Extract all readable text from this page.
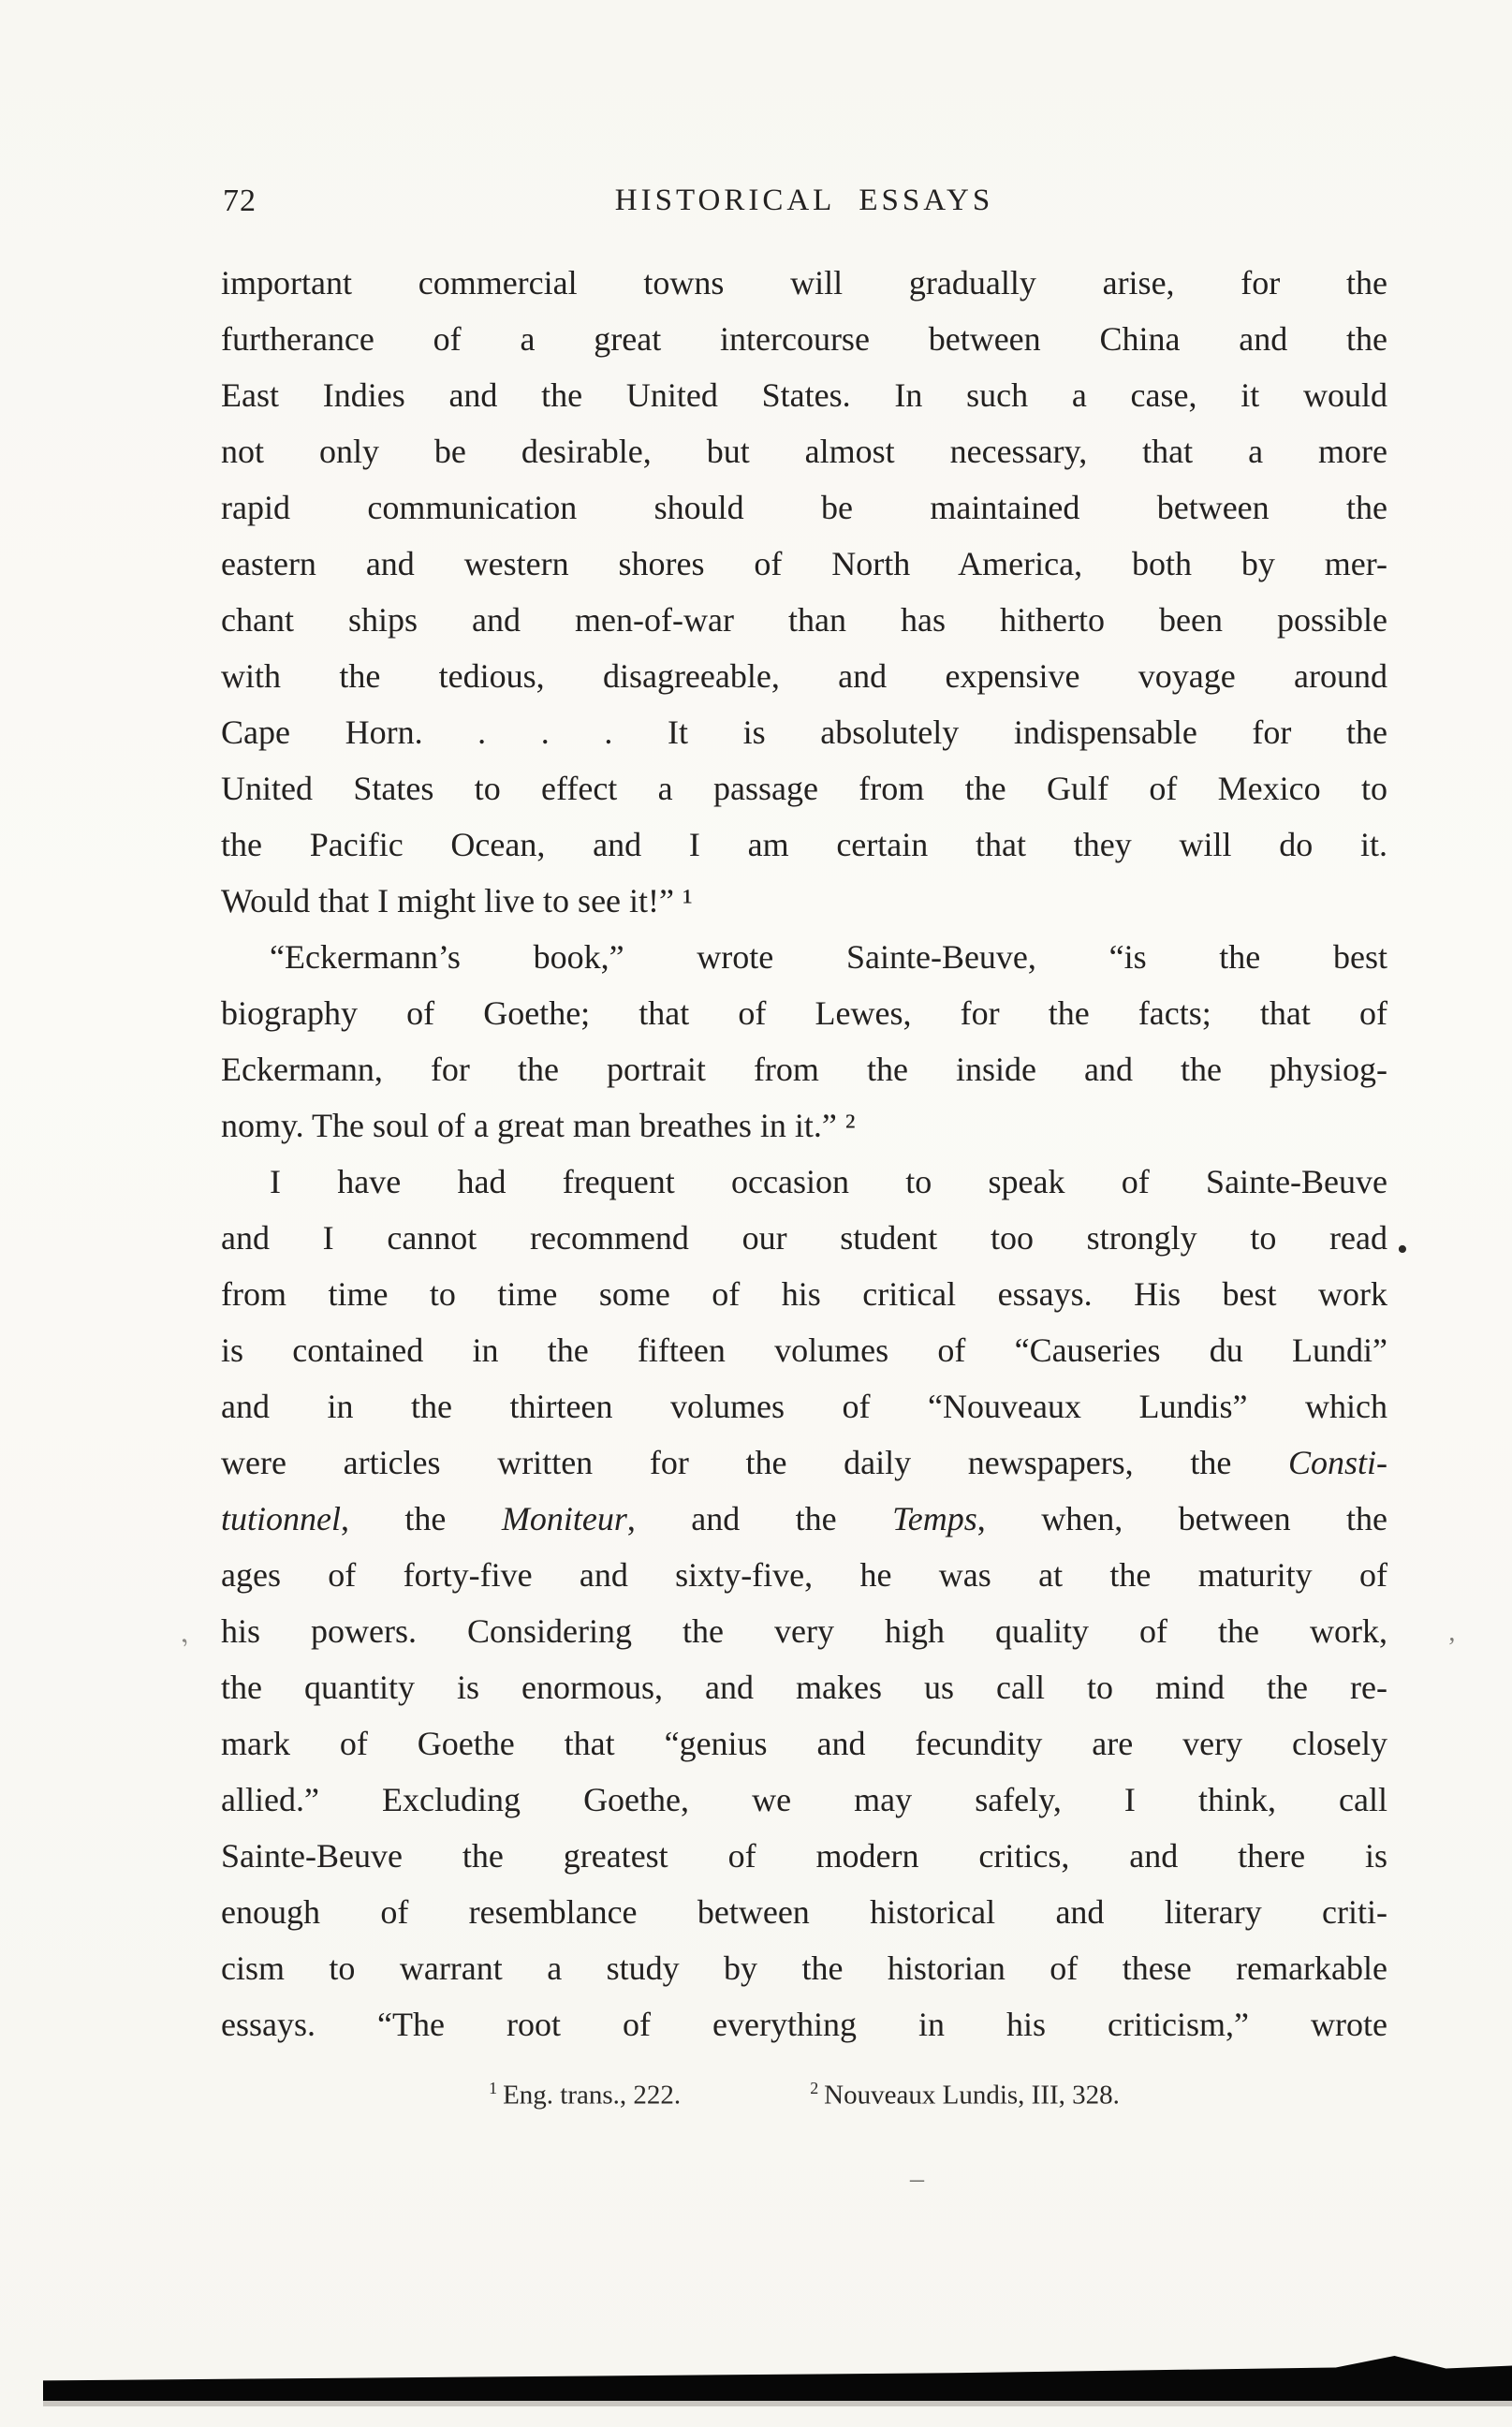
72	HISTORICAL ESSAYS
important commercial towns will gradually arise, for the
furtherance of a great intercourse between China and the
East Indies and the United States. In such a case, it would
not only be desirable, but almost necessary, that a more
rapid communication should be maintained between the
eastern and western shores of North America, both by mer-
chant ships and men-of-war than has hitherto been possible
with the tedious, disagreeable, and expensive voyage around
Cape Horn. . . . It is absolutely indispensable for the
United States to effect a passage from the Gulf of Mexico to
the Pacific Ocean, and I am certain that they will do it.
Would that I might live to see it!” ¹
“Eckermann’s book,” wrote Sainte-Beuve, “is the best
biography of Goethe; that of Lewes, for the facts; that of
Eckermann, for the portrait from the inside and the physiog-
nomy. The soul of a great man breathes in it.” ²
I have had frequent occasion to speak of Sainte-Beuve
and I cannot recommend our student too strongly to read
from time to time some of his critical essays. His best work
is contained in the fifteen volumes of “Causeries du Lundi”
and in the thirteen volumes of “Nouveaux Lundis” which
were articles written for the daily newspapers, the Consti-
tutionnel, the Moniteur, and the Temps, when, between the
ages of forty-five and sixty-five, he was at the maturity of
his powers. Considering the very high quality of the work,
the quantity is enormous, and makes us call to mind the re-
mark of Goethe that “genius and fecundity are very closely
allied.” Excluding Goethe, we may safely, I think, call
Sainte-Beuve the greatest of modern critics, and there is
enough of resemblance between historical and literary criti-
cism to warrant a study by the historian of these remarkable
essays. “The root of everything in his criticism,” wrote
$^1$ Eng. trans., 222.	$^2$ Nouveaux Lundis, III, 328.
•
,	’
–
